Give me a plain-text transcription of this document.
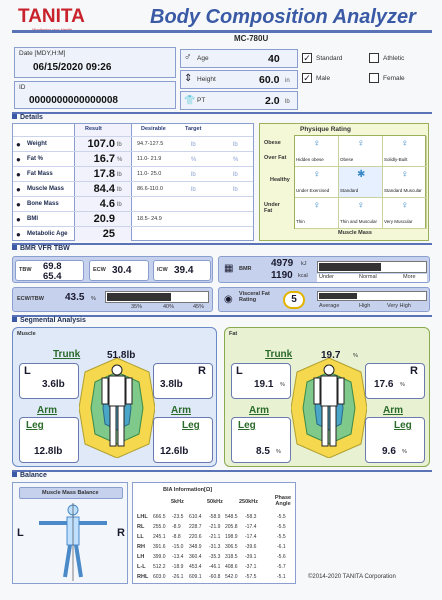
TANITA	Body Composition Analyzer
MC-780U
Date [MDY,H:M]
06/15/2020 09:26
ID
0000000000000008
♂ Age	40
⇕ Height	60.0 in
👕 PT	2.0 lb
✓ Standard	Athletic
✓ Male	Female
Details
Result	Desirable	Target
● Weight	107.0 lb	94.7-127.5	lb	lb
● Fat %	16.7 %	11.0- 21.9	%	%
● Fat Mass	17.8 lb	11.0- 25.0	lb	lb
● Muscle Mass	84.4 lb	86.6-110.0	lb	lb
● Bone Mass	4.6 lb
● BMI	20.9	18.5- 24.9
● Metabolic Age	25
Physique Rating
Obese
Over Fat
Healthy
Under Fat
♀
Hidden obese
♀
Obese
♀
Solidly-Built
♀
Under Exercised
✱
Standard
♀
Standard Muscular
♀
Thin
♀
Thin and Muscular
♀
Very Muscular
Muscle Mass
BMR VFR TBW
TBW 69.8
65.4
ECW 30.4	ICW 39.4	▦ BMR 4979 kJ
1190 kcal Under	Normal	More
ECW/TBW 43.5 %
35%	40%	45%
◉ Visceral Fat Rating	5
Average	High	Very High
Segmental Analysis
Muscle
Trunk	51.8lb
L
3.6lb
R
3.8lb
Arm	Arm
Leg
12.8lb
Leg
12.6lb
Fat
Trunk	19.7 %
L
19.1 %
R
17.6 %
Arm	Arm
Leg
8.5 %
Leg
9.6 %
Balance
Muscle Mass Balance
L	R
BIA Information[Ω]
5kHz	50kHz	250kHz
Phase Angle
LHL 666.5 -23.5 610.4 -58.9 548.5 -58.3	-5.5
RL 255.0 -8.9 228.7 -21.9 205.8 -17.4	-5.5
LL 245.1 -8.8 220.6 -21.1 198.9 -17.4	-5.5
RH 391.6 -15.0 348.9 -31.3 306.5 -39.6	-6.1
LH 399.0 -13.4 360.4 -35.3 318.5 -39.1	-5.6
L-L 512.2 -18.9 453.4 -46.1 408.6 -37.1	-5.7
RHL 603.0 -26.1 609.1 -60.8 542.0 -57.5	-5.1	©2014-2020 TANITA Corporation
